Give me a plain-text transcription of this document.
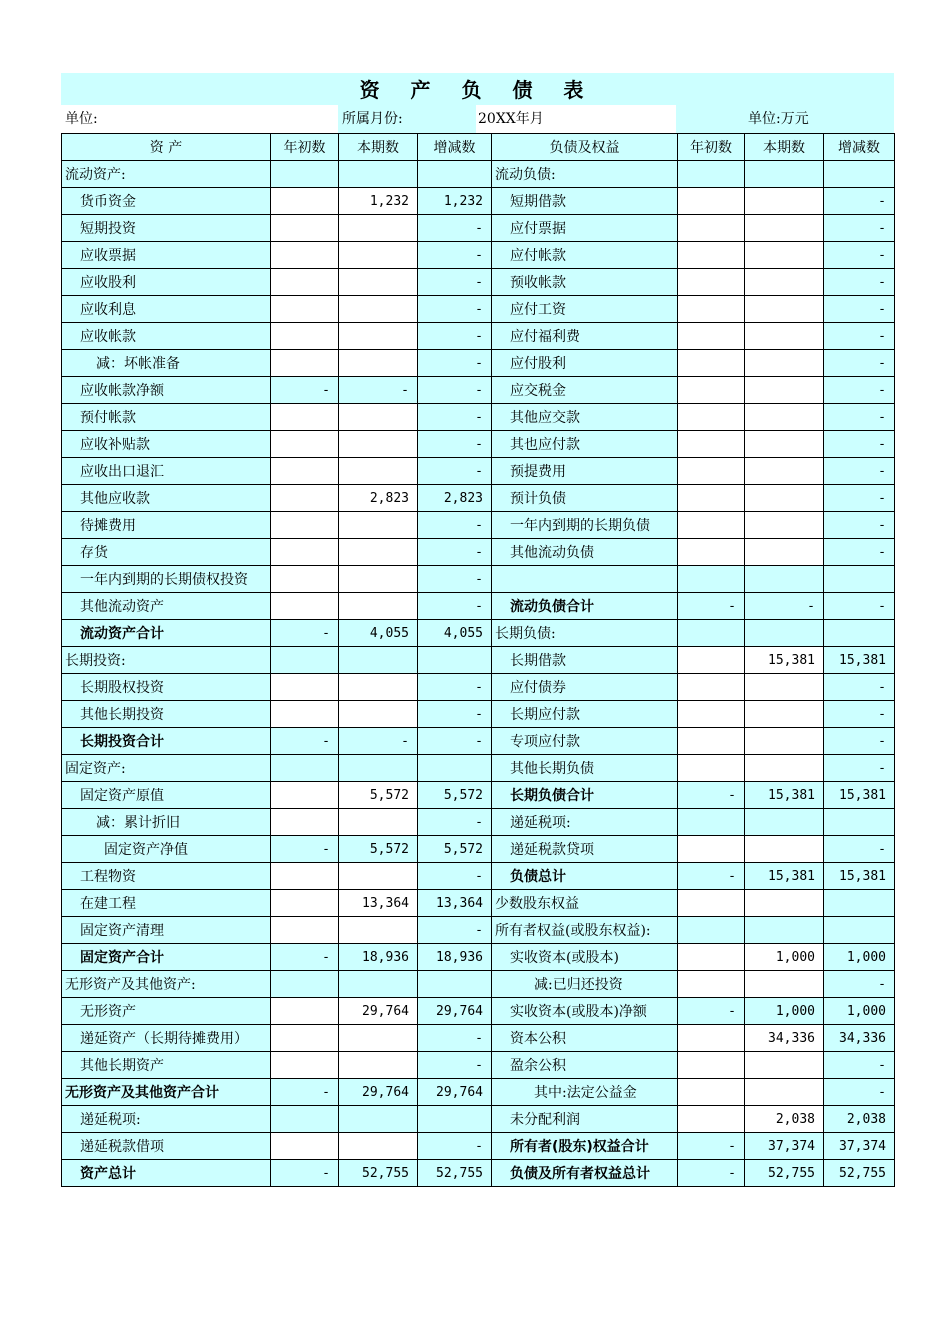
资 产 负 债 表
单位:	所属月份:	20XX年月	单位:万元
资 产	年初数	本期数	增减数	负债及权益	年初数	本期数	增减数
流动资产:				流动负债:			
货币资金		1,232	1,232	短期借款			-
短期投资			-	应付票据			-
应收票据			-	应付帐款			-
应收股利			-	预收帐款			-
应收利息			-	应付工资			-
应收帐款			-	应付福利费			-
减：坏帐准备			-	应付股利			-
应收帐款净额	-	-	-	应交税金			-
预付帐款			-	其他应交款			-
应收补贴款			-	其也应付款			-
应收出口退汇			-	预提费用			-
其他应收款		2,823	2,823	预计负债			-
待摊费用			-	一年内到期的长期负债			-
存货			-	其他流动负债			-
一年内到期的长期债权投资			-				
其他流动资产			-	流动负债合计	-	-	-
流动资产合计	-	4,055	4,055	长期负债:			
长期投资:				长期借款		15,381	15,381
长期股权投资			-	应付债券			-
其他长期投资			-	长期应付款			-
长期投资合计	-	-	-	专项应付款			-
固定资产:				其他长期负债			-
固定资产原值		5,572	5,572	长期负债合计	-	15,381	15,381
减：累计折旧			-	递延税项:			
固定资产净值	-	5,572	5,572	递延税款贷项			-
工程物资			-	负债总计	-	15,381	15,381
在建工程		13,364	13,364	少数股东权益			
固定资产清理			-	所有者权益(或股东权益):			
固定资产合计	-	18,936	18,936	实收资本(或股本)		1,000	1,000
无形资产及其他资产:				减:已归还投资			-
无形资产		29,764	29,764	实收资本(或股本)净额	-	1,000	1,000
递延资产（长期待摊费用）			-	资本公积		34,336	34,336
其他长期资产			-	盈余公积			-
无形资产及其他资产合计	-	29,764	29,764	其中:法定公益金			-
递延税项:				未分配利润		2,038	2,038
递延税款借项			-	所有者(股东)权益合计	-	37,374	37,374
资产总计	-	52,755	52,755	负债及所有者权益总计	-	52,755	52,755
